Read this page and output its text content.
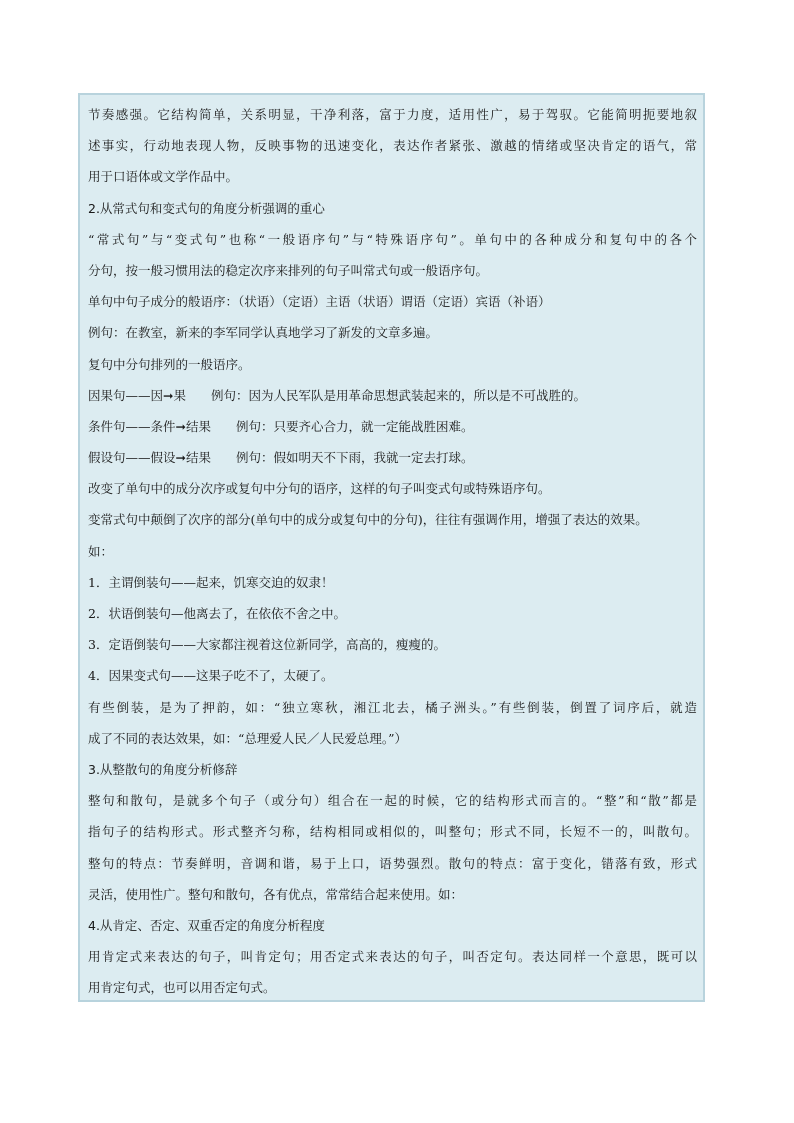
节奏感强。它结构简单，关系明显，干净利落，富于力度，适用性广，易于驾驭。它能简明扼要地叙
述事实，行动地表现人物，反映事物的迅速变化，表达作者紧张、激越的情绪或坚决肯定的语气，常
用于口语体或文学作品中。
2.从常式句和变式句的角度分析强调的重心
“常式句”与“变式句”也称“一般语序句”与“特殊语序句”。单句中的各种成分和复句中的各个
分句，按一般习惯用法的稳定次序来排列的句子叫常式句或一般语序句。
单句中句子成分的般语序：（状语）（定语）主语（状语）谓语（定语）宾语（补语）
例句：在教室，新来的李军同学认真地学习了新发的文章多遍。
复句中分句排列的一般语序。
因果句——因➞果　　例句：因为人民军队是用革命思想武装起来的，所以是不可战胜的。
条件句——条件➞结果　　例句：只要齐心合力，就一定能战胜困难。
假设句——假设➞结果　　例句：假如明天不下雨，我就一定去打球。
改变了单句中的成分次序或复句中分句的语序，这样的句子叫变式句或特殊语序句。
变常式句中颠倒了次序的部分(单句中的成分或复句中的分句)，往往有强调作用，增强了表达的效果。
如：
1．主谓倒装句——起来，饥寒交迫的奴隶！
2．状语倒装句—他离去了，在依依不舍之中。
3．定语倒装句——大家都注视着这位新同学，高高的，瘦瘦的。
4．因果变式句——这果子吃不了，太硬了。
有些倒装，是为了押韵，如：“独立寒秋，湘江北去，橘子洲头。”有些倒装，倒置了词序后，就造
成了不同的表达效果，如：“总理爱人民／人民爱总理。”）
3.从整散句的角度分析修辞
整句和散句，是就多个句子（或分句）组合在一起的时候，它的结构形式而言的。“整”和“散”都是
指句子的结构形式。形式整齐匀称，结构相同或相似的，叫整句；形式不同，长短不一的，叫散句。
整句的特点：节奏鲜明，音调和谐，易于上口，语势强烈。散句的特点：富于变化，错落有致，形式
灵活，使用性广。整句和散句，各有优点，常常结合起来使用。如：
4.从肯定、否定、双重否定的角度分析程度
用肯定式来表达的句子，叫肯定句；用否定式来表达的句子，叫否定句。表达同样一个意思，既可以
用肯定句式，也可以用否定句式。
